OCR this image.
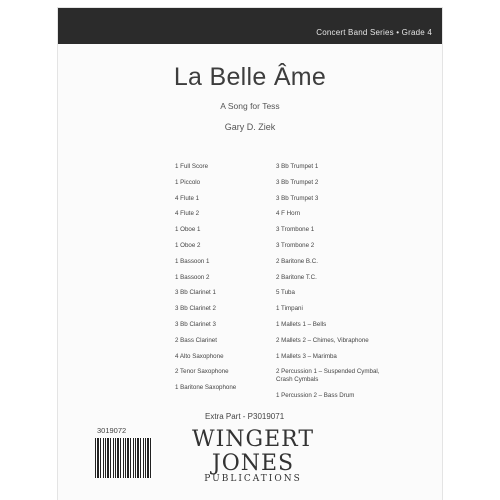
Concert Band Series • Grade 4
La Belle Âme
A Song for Tess
Gary D. Ziek
1 Full Score
1 Piccolo
4 Flute 1
4 Flute 2
1 Oboe 1
1 Oboe 2
1 Bassoon 1
1 Bassoon 2
3 Bb Clarinet 1
3 Bb Clarinet 2
3 Bb Clarinet 3
2 Bass Clarinet
4 Alto Saxophone
2 Tenor Saxophone
1 Baritone Saxophone
3 Bb Trumpet 1
3 Bb Trumpet 2
3 Bb Trumpet 3
4 F Horn
3 Trombone 1
3 Trombone 2
2 Baritone B.C.
2 Baritone T.C.
5 Tuba
1 Timpani
1 Mallets 1 – Bells
2 Mallets 2 – Chimes, Vibraphone
1 Mallets 3 – Marimba
2 Percussion 1 – Suspended Cymbal,
Crash Cymbals
1 Percussion 2 – Bass Drum
Extra Part - P3019071
3019072	WINGERT
JONES
PUBLICATIONS
